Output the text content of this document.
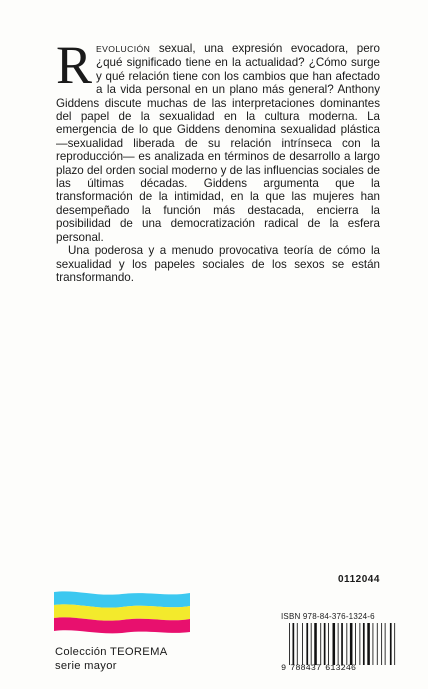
REVOLUCIÓN sexual, una expresión evocadora, pero ¿qué significado tiene en la actualidad? ¿Cómo surge y qué relación tiene con los cambios que han afectado a la vida personal en un plano más general? Anthony Giddens discute muchas de las interpretaciones dominantes del papel de la sexualidad en la cultura moderna. La emergencia de lo que Giddens denomina sexualidad plástica —sexualidad liberada de su relación intrínseca con la reproducción— es analizada en términos de desarrollo a largo plazo del orden social moderno y de las influencias sociales de las últimas décadas. Giddens argumenta que la transformación de la intimidad, en la que las mujeres han desempeñado la función más destacada, encierra la posibilidad de una democratización radical de la esfera personal.

Una poderosa y a menudo provocativa teoría de cómo la sexualidad y los papeles sociales de los sexos se están transformando.

0112044
Colección TEOREMA
serie mayor
ISBN 978-84-376-1324-6
9 788437 613246
